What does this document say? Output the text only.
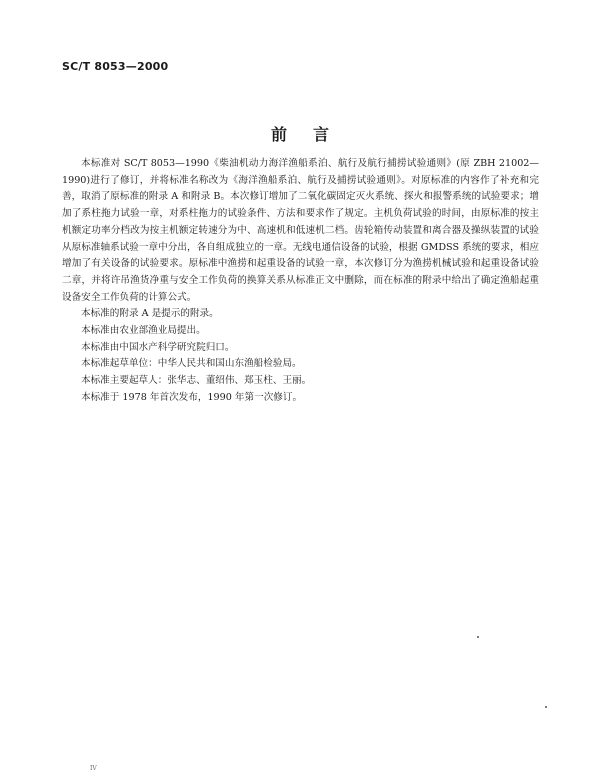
SC/T 8053—2000
前言

本标准对 SC/T 8053—1990《柴油机动力海洋渔船系泊、航行及航行捕捞试验通则》(原 ZBH 21002—1990)进行了修订，并将标准名称改为《海洋渔船系泊、航行及捕捞试验通则》。对原标准的内容作了补充和完善，取消了原标准的附录 A 和附录 B。本次修订增加了二氧化碳固定灭火系统、探火和报警系统的试验要求；增加了系柱拖力试验一章，对系柱拖力的试验条件、方法和要求作了规定。主机负荷试验的时间，由原标准的按主机额定功率分档改为按主机额定转速分为中、高速机和低速机二档。齿轮箱传动装置和离合器及操纵装置的试验从原标准轴系试验一章中分出，各自组成独立的一章。无线电通信设备的试验，根据 GMDSS 系统的要求，相应增加了有关设备的试验要求。原标准中渔捞和起重设备的试验一章，本次修订分为渔捞机械试验和起重设备试验二章，并将许吊渔货净重与安全工作负荷的换算关系从标准正文中删除，而在标准的附录中给出了确定渔船起重设备安全工作负荷的计算公式。

本标准的附录 A 是提示的附录。

本标准由农业部渔业局提出。

本标准由中国水产科学研究院归口。

本标准起草单位：中华人民共和国山东渔船检验局。

本标准主要起草人：张华志、董绍伟、郑玉柱、王丽。

本标准于 1978 年首次发布，1990 年第一次修订。

IV
